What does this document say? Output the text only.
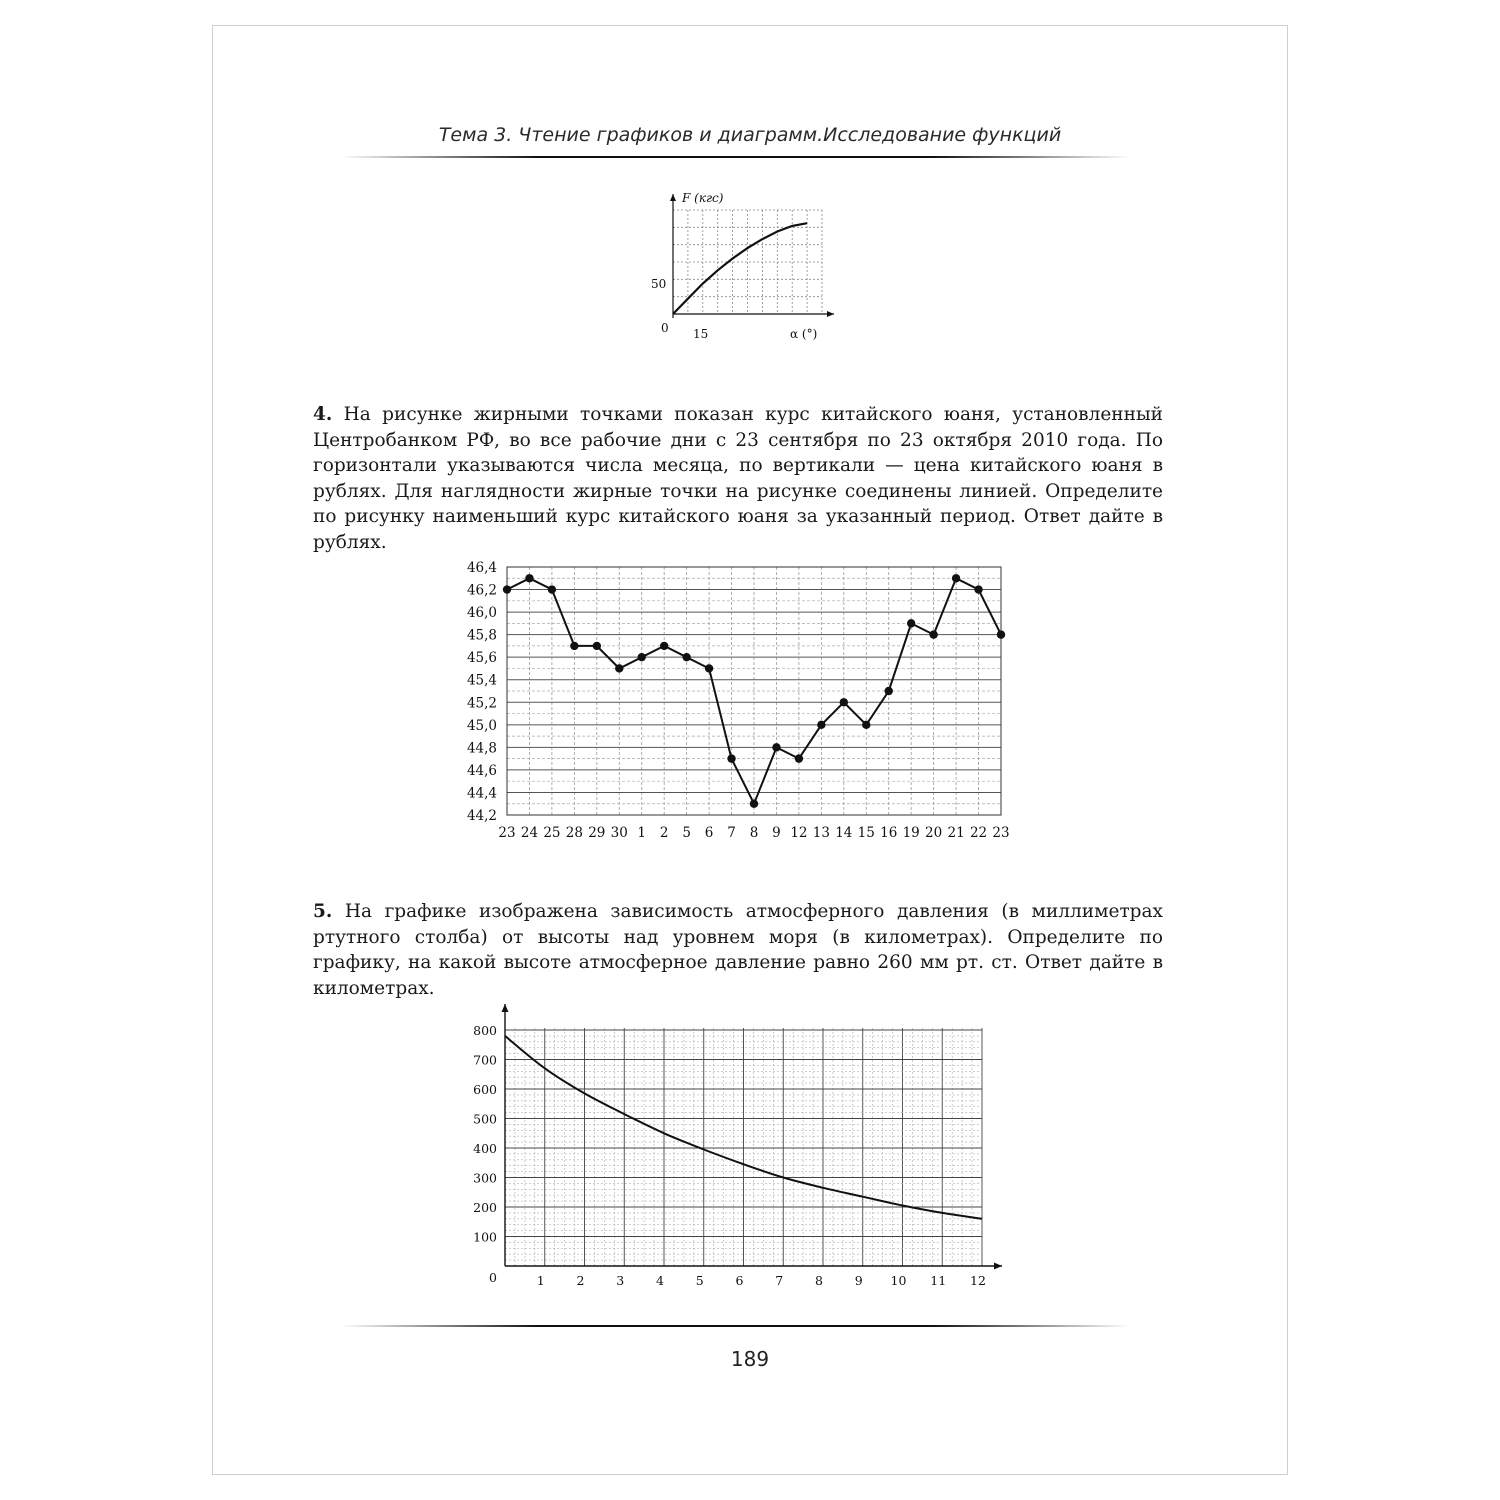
Тема 3. Чтение графиков и диаграмм.Исследование функций
F (кгс)
α (°)
0
50
15

4. На рисунке жирными точками показан курс китайского юаня, установленный Центробанком РФ, во все рабочие дни с 23 сентября по 23 октября 2010 года. По горизонтали указываются числа месяца, по вертикали — цена китайского юаня в рублях. Для наглядности жирные точки на рисунке соединены линией. Определите по рисунку наименьший курс китайского юаня за указанный период. Ответ дайте в рублях.

44,2
44,4
44,6
44,8
45,0
45,2
45,4
45,6
45,8
46,0
46,2
46,4
23 24 25 28 29 30 1 2 5 6 7 8 9 12 13 14 15 16 19 20 21 22 23

5. На графике изображена зависимость атмосферного давления (в миллиметрах ртутного столба) от высоты над уровнем моря (в километрах). Определите по графику, на какой высоте атмосферное давление равно 260 мм рт. ст. Ответ дайте в километрах.

100
200
300
400
500
600
700
800
1	2	3	4	5	6	7	8	9 10 11 12
0
189
